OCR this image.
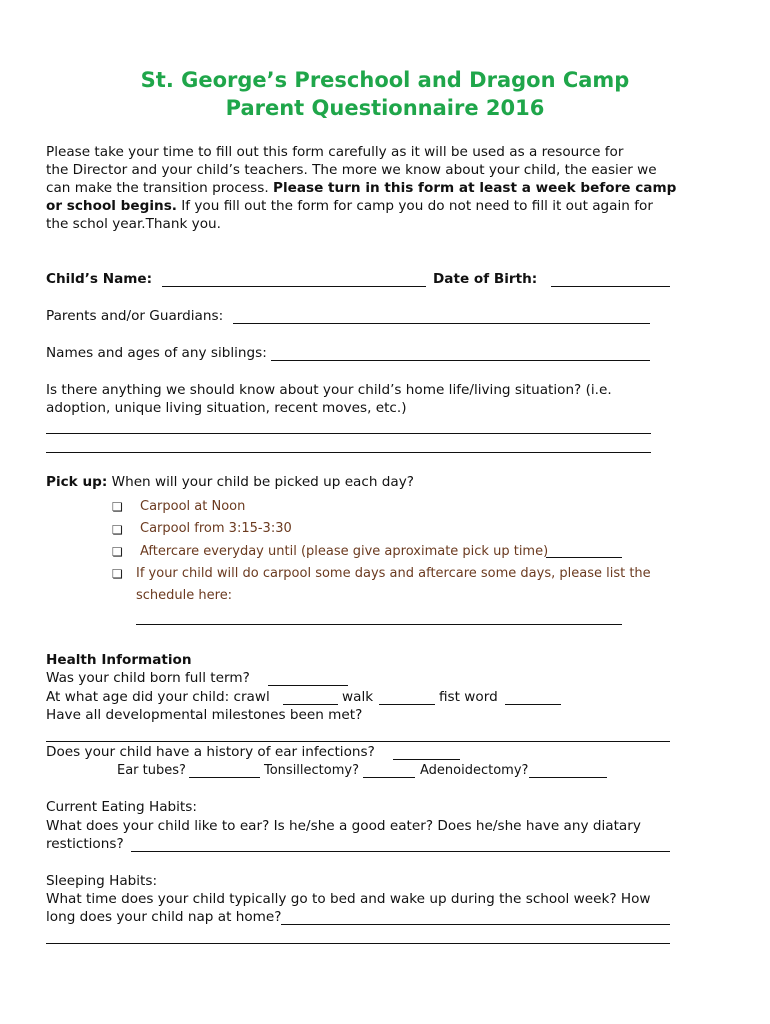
St. George’s Preschool and Dragon Camp
Parent Questionnaire 2016
Please take your time to fill out this form carefully as it will be used as a resource for
the Director and your child’s teachers. The more we know about your child, the easier we
can make the transition process. Please turn in this form at least a week before camp
or school begins. If you fill out the form for camp you do not need to fill it out again for
the schol year.Thank you.
Child’s Name:	Date of Birth:
Parents and/or Guardians:
Names and ages of any siblings:
Is there anything we should know about your child’s home life/living situation? (i.e.
adoption, unique living situation, recent moves, etc.)
Pick up: When will your child be picked up each day?
❏ Carpool at Noon
❏ Carpool from 3:15-3:30
❏ Aftercare everyday until (please give aproximate pick up time)
❏ If your child will do carpool some days and aftercare some days, please list the
schedule here:
Health Information
Was your child born full term?
At what age did your child: crawl	walk	fist word
Have all developmental milestones been met?
Does your child have a history of ear infections?
Ear tubes?	Tonsillectomy?	Adenoidectomy?
Current Eating Habits:
What does your child like to ear? Is he/she a good eater? Does he/she have any diatary
restictions?
Sleeping Habits:
What time does your child typically go to bed and wake up during the school week? How
long does your child nap at home?
